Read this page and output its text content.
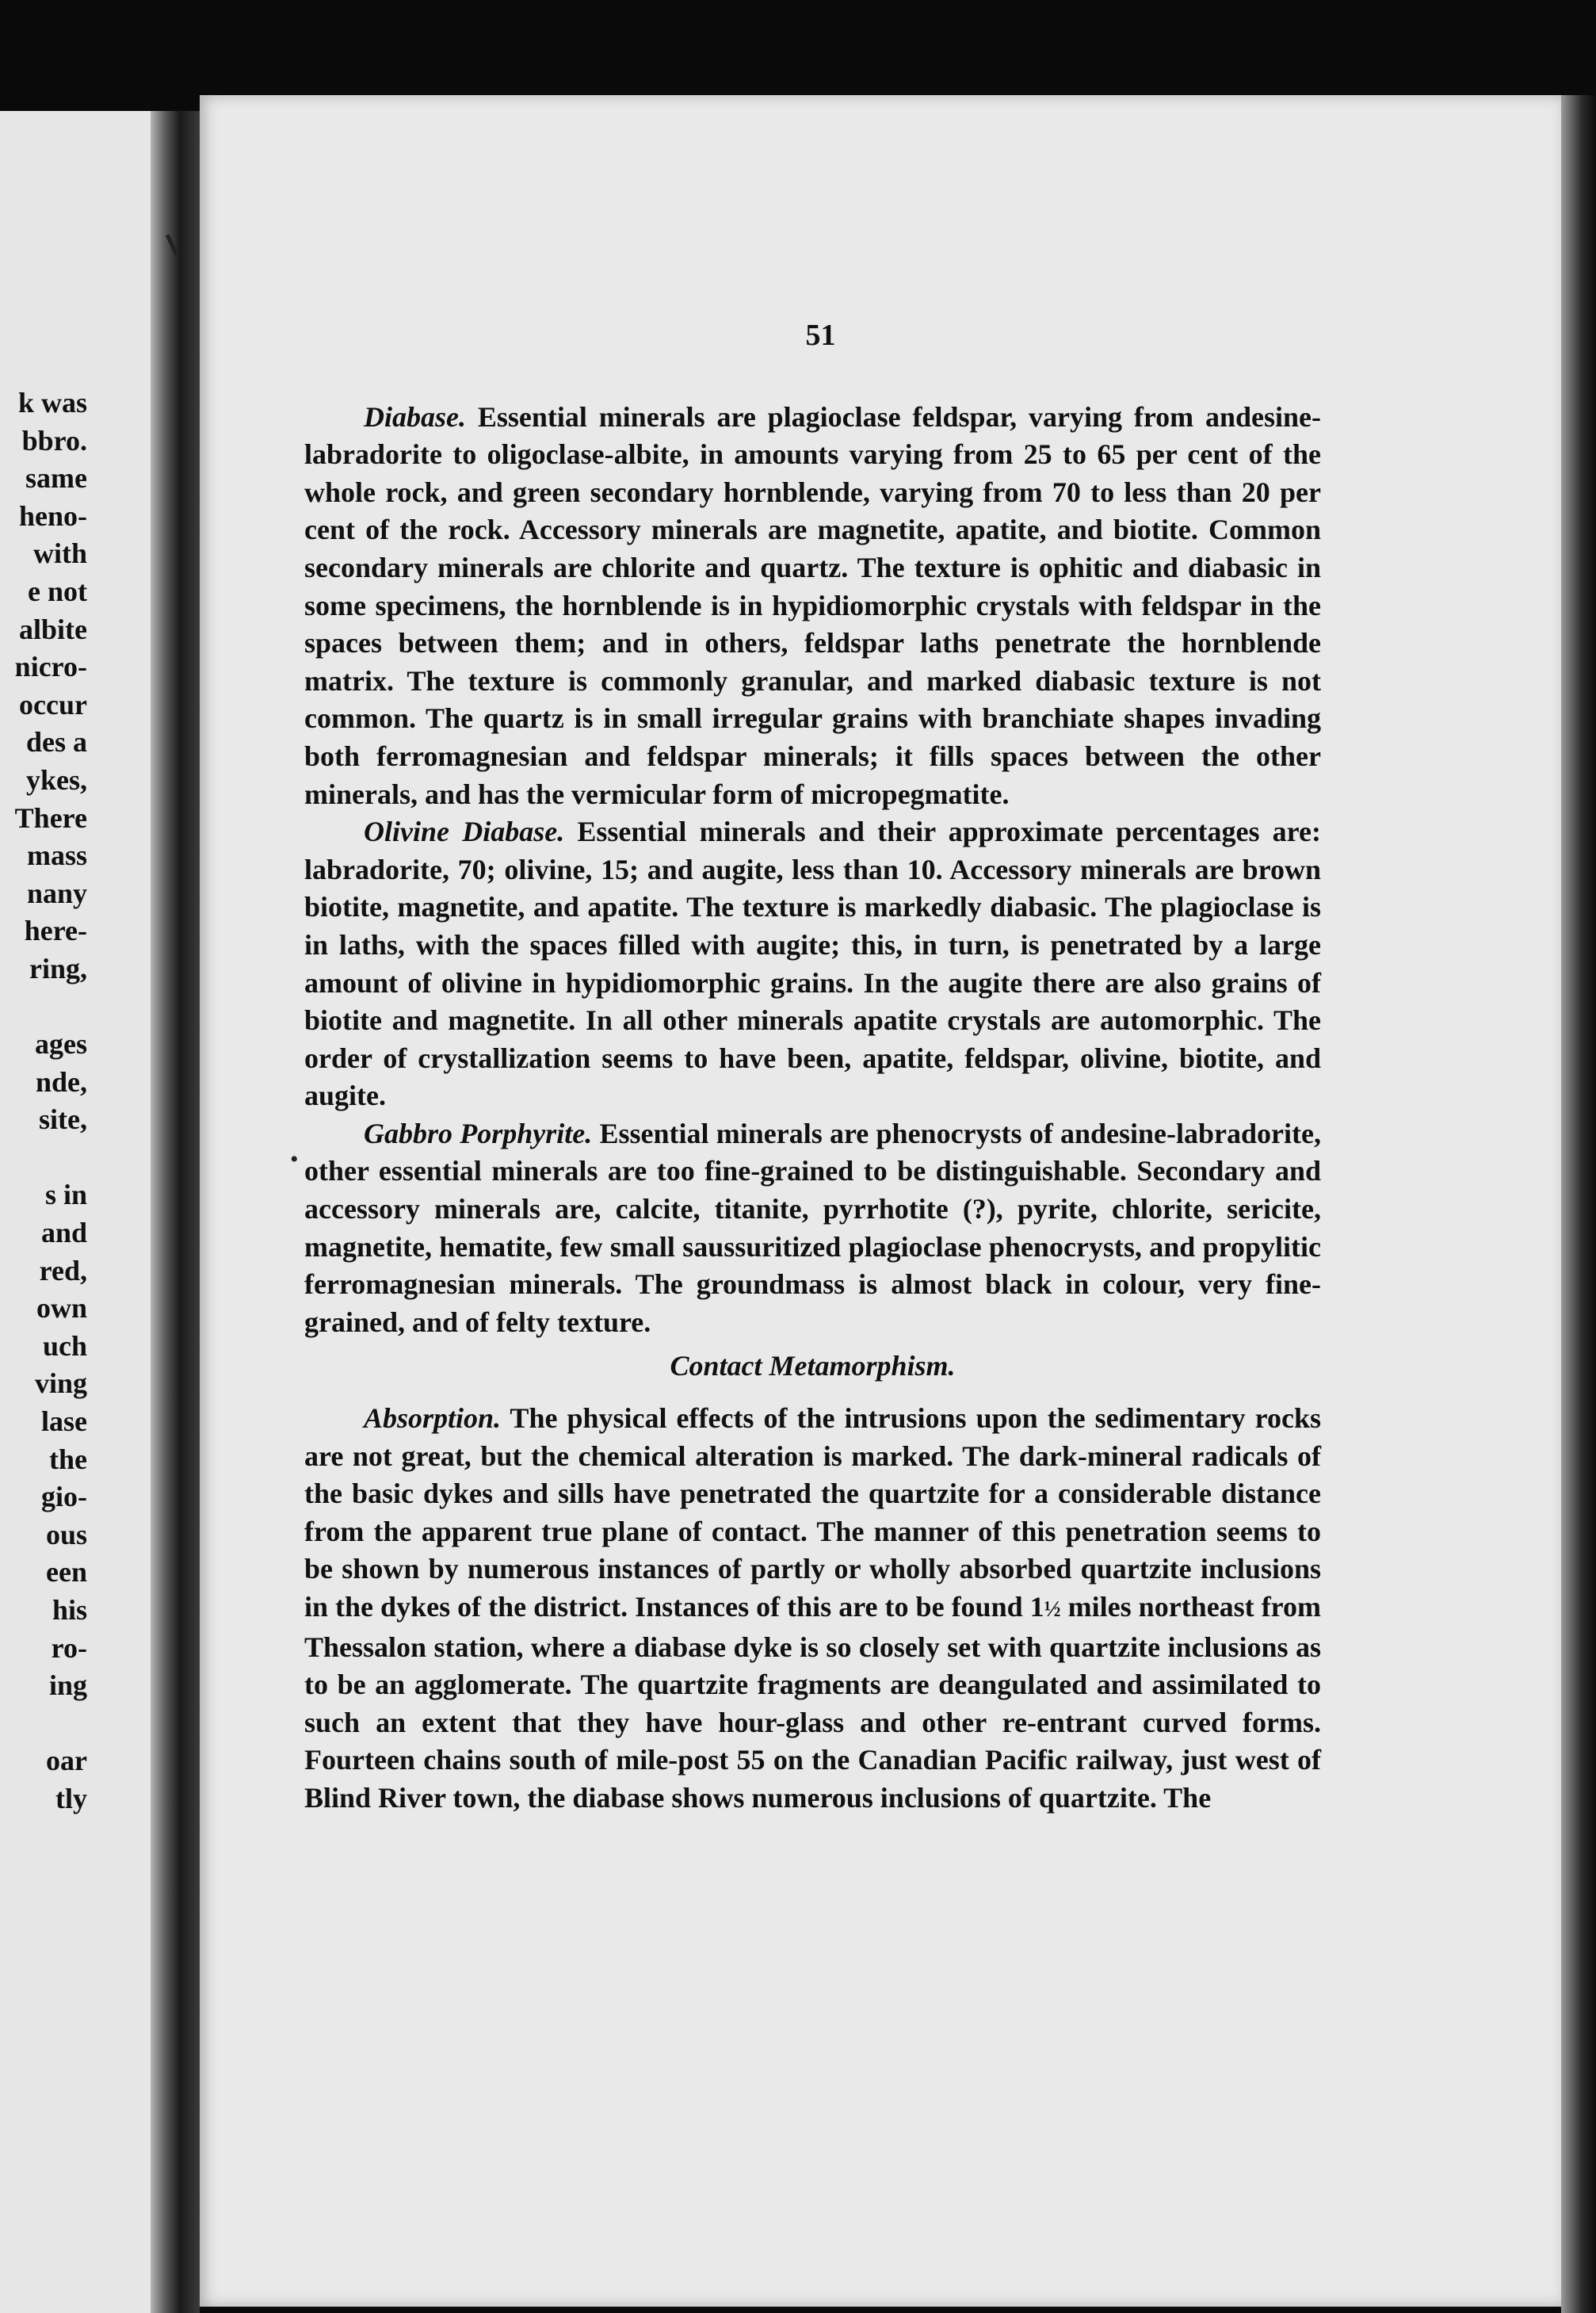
k was
bbro.
same
heno-
with
e not
albite
nicro-
occur
des a
ykes,
There
mass
nany
here-
ring,
ages
nde,
site,
s in
and
red,
own
uch
ving
lase
the
gio-
ous
een
his
ro-
ing
oar
tly
•
51

Diabase. Essential minerals are plagioclase feldspar, varying from andesine-labradorite to oligoclase-albite, in amounts varying from 25 to 65 per cent of the whole rock, and green secondary hornblende, varying from 70 to less than 20 per cent of the rock. Accessory minerals are magnetite, apatite, and biotite. Common secondary minerals are chlorite and quartz. The texture is ophitic and diabasic in some specimens, the hornblende is in hypidiomorphic crystals with feldspar in the spaces between them; and in others, feldspar laths penetrate the hornblende matrix. The texture is commonly granular, and marked diabasic texture is not common. The quartz is in small irregular grains with branchiate shapes invading both ferromagnesian and feldspar minerals; it fills spaces between the other minerals, and has the vermicular form of micropegmatite.

Olivine Diabase. Essential minerals and their approximate percentages are: labradorite, 70; olivine, 15; and augite, less than 10. Accessory minerals are brown biotite, magnetite, and apatite. The texture is markedly diabasic. The plagioclase is in laths, with the spaces filled with augite; this, in turn, is penetrated by a large amount of olivine in hypidiomorphic grains. In the augite there are also grains of biotite and magnetite. In all other minerals apatite crystals are automorphic. The order of crystallization seems to have been, apatite, feldspar, olivine, biotite, and augite.

Gabbro Porphyrite. Essential minerals are phenocrysts of andesine-labradorite, other essential minerals are too fine-grained to be distinguishable. Secondary and accessory minerals are, calcite, titanite, pyrrhotite (?), pyrite, chlorite, sericite, magnetite, hematite, few small saussuritized plagioclase phenocrysts, and propylitic ferromagnesian minerals. The groundmass is almost black in colour, very fine-grained, and of felty texture.

Contact Metamorphism.

Absorption. The physical effects of the intrusions upon the sedimentary rocks are not great, but the chemical alteration is marked. The dark-mineral radicals of the basic dykes and sills have penetrated the quartzite for a considerable distance from the apparent true plane of contact. The manner of this penetration seems to be shown by numerous instances of partly or wholly absorbed quartzite inclusions in the dykes of the district. Instances of this are to be found 1½ miles northeast from Thessalon station, where a diabase dyke is so closely set with quartzite inclusions as to be an agglomerate. The quartzite fragments are deangulated and assimilated to such an extent that they have hour-glass and other re-entrant curved forms. Fourteen chains south of mile-post 55 on the Canadian Pacific railway, just west of Blind River town, the diabase shows numerous inclusions of quartzite. The
